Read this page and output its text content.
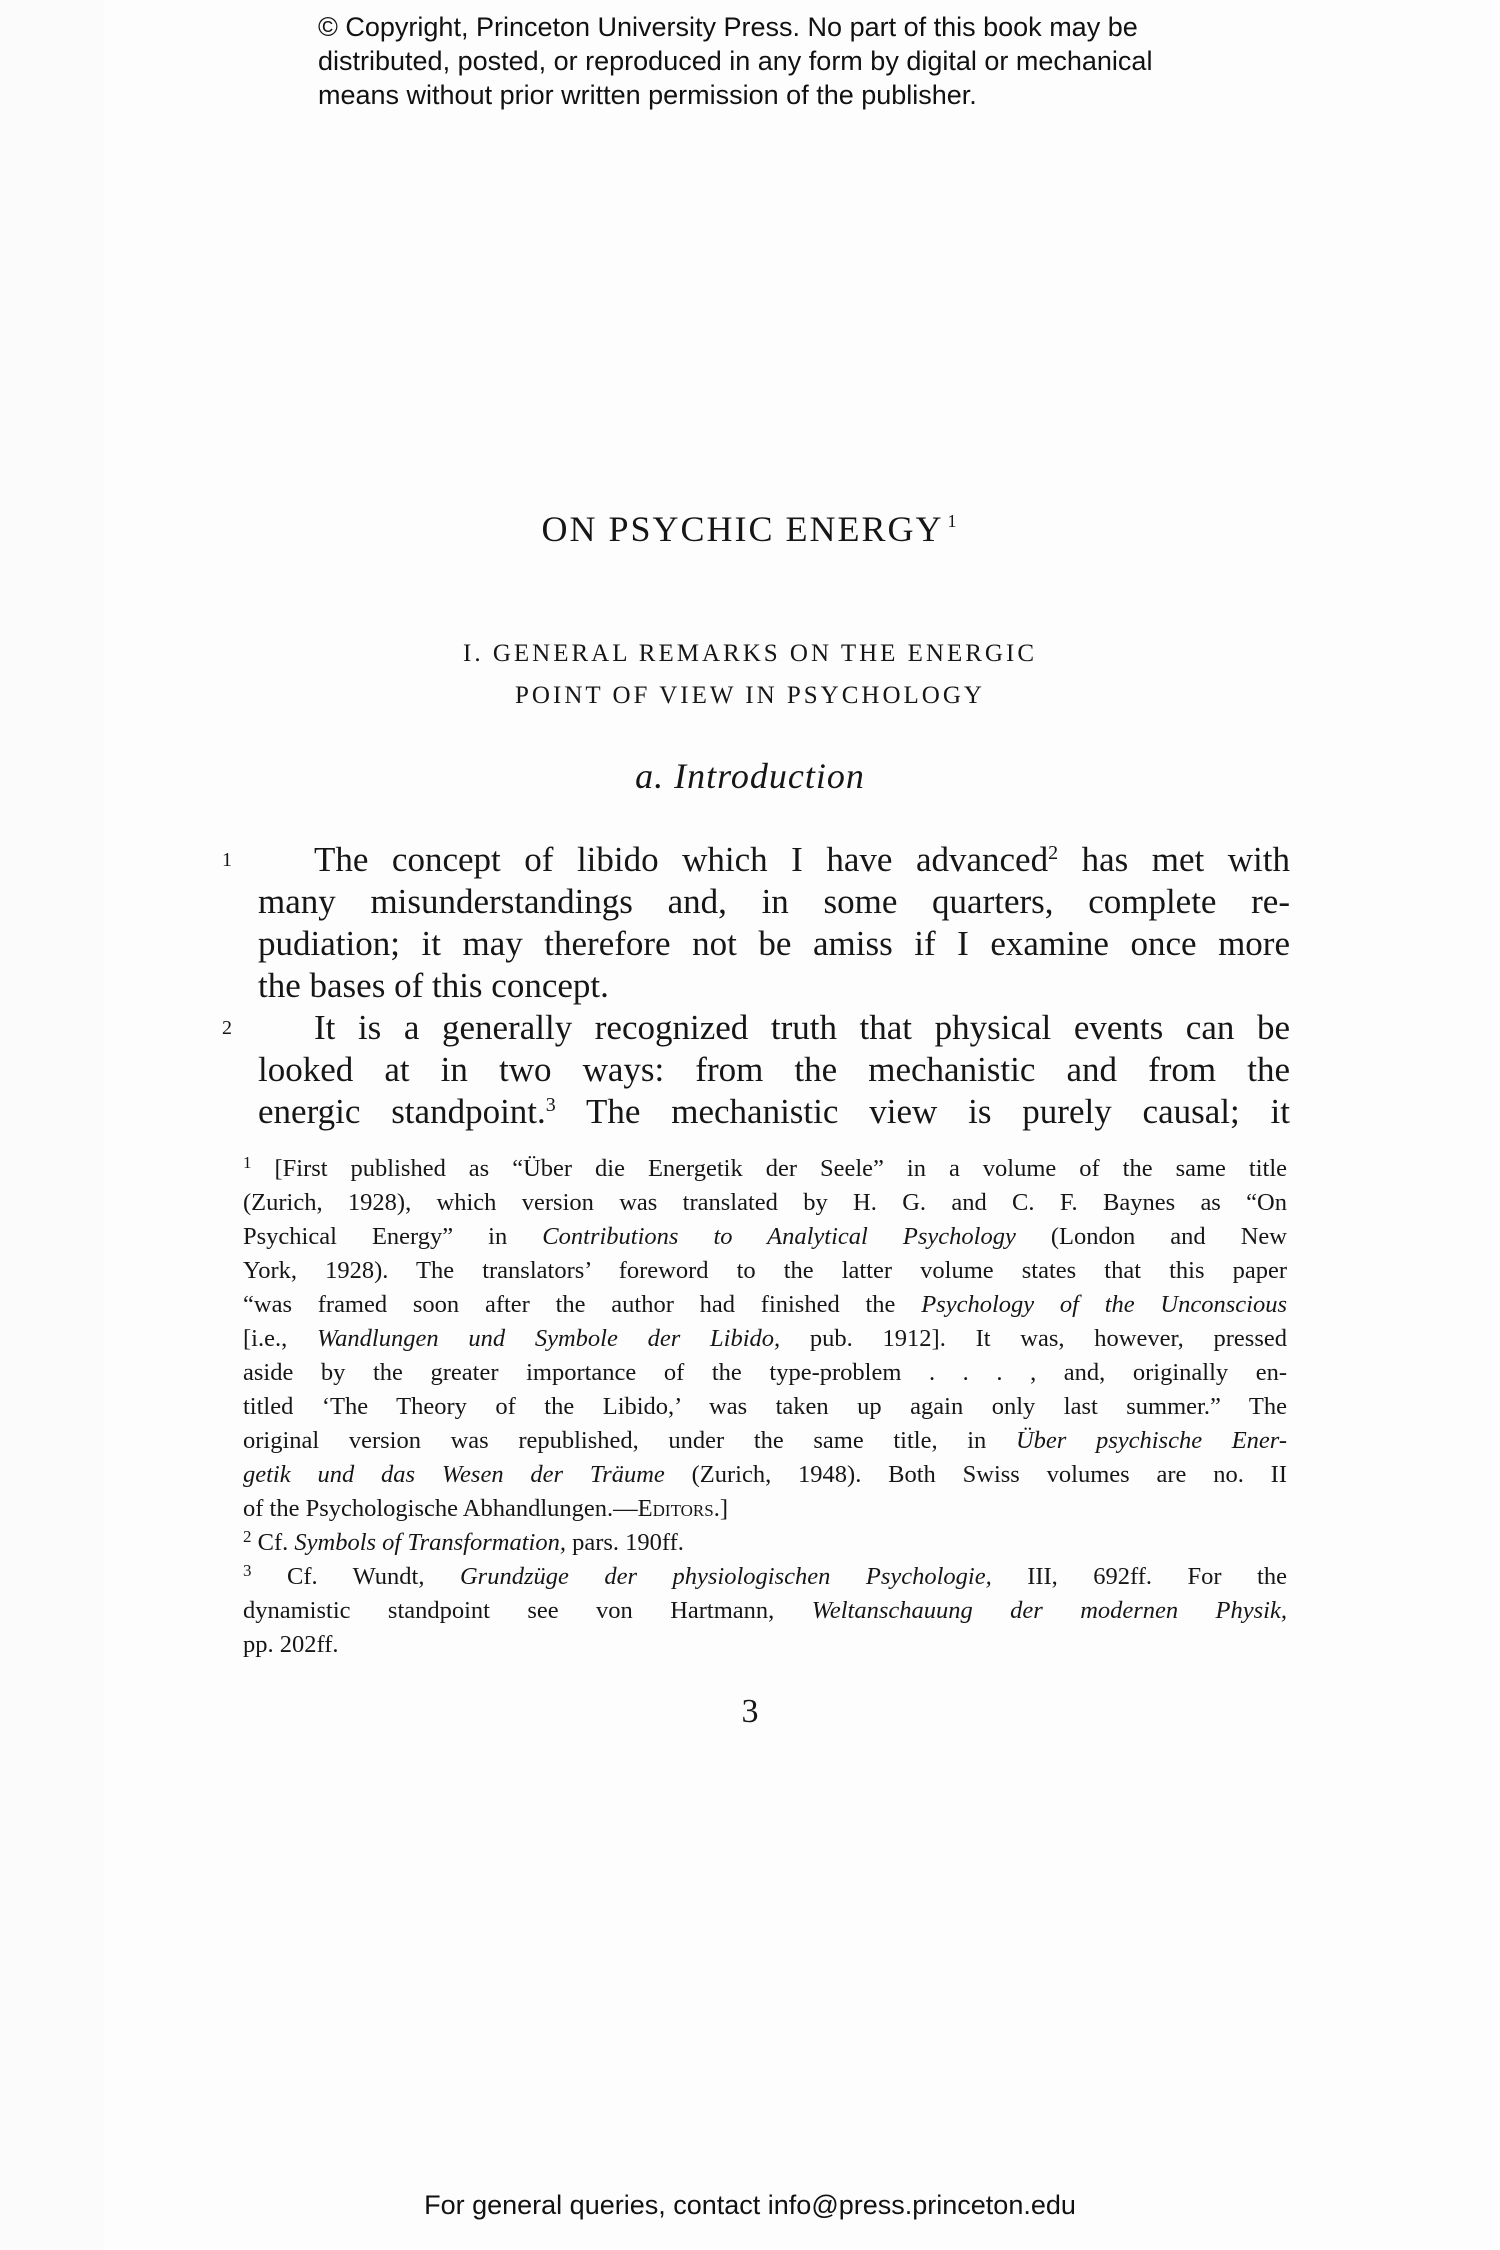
© Copyright, Princeton University Press. No part of this book may be
distributed, posted, or reproduced in any form by digital or mechanical
means without prior written permission of the publisher.
ON PSYCHIC ENERGY $^1$
I. GENERAL REMARKS ON THE ENERGIC
POINT OF VIEW IN PSYCHOLOGY
a. Introduction
1	The concept of libido which I have advanced$^2$ has met with
many misunderstandings and, in some quarters, complete re-
pudiation; it may therefore not be amiss if I examine once more
the bases of this concept.
2	It is a generally recognized truth that physical events can be
looked at in two ways: from the mechanistic and from the
energic standpoint.$^3$ The mechanistic view is purely causal; it
$^1$ [First published as “Über die Energetik der Seele” in a volume of the same title
(Zurich, 1928), which version was translated by H. G. and C. F. Baynes as “On
Psychical Energy” in Contributions to Analytical Psychology (London and New
York, 1928). The translators’ foreword to the latter volume states that this paper
“was framed soon after the author had finished the Psychology of the Unconscious
[i.e., Wandlungen und Symbole der Libido, pub. 1912]. It was, however, pressed
aside by the greater importance of the type-problem . . . , and, originally en-
titled ‘The Theory of the Libido,’ was taken up again only last summer.” The
original version was republished, under the same title, in Über psychische Ener-
getik und das Wesen der Träume (Zurich, 1948). Both Swiss volumes are no. II
of the Psychologische Abhandlungen.—Editors.]
$^2$ Cf. Symbols of Transformation, pars. 190ff.
$^3$ Cf. Wundt, Grundzüge der physiologischen Psychologie, III, 692ff. For the
dynamistic standpoint see von Hartmann, Weltanschauung der modernen Physik,
pp. 202ff.
3
For general queries, contact info@press.princeton.edu
